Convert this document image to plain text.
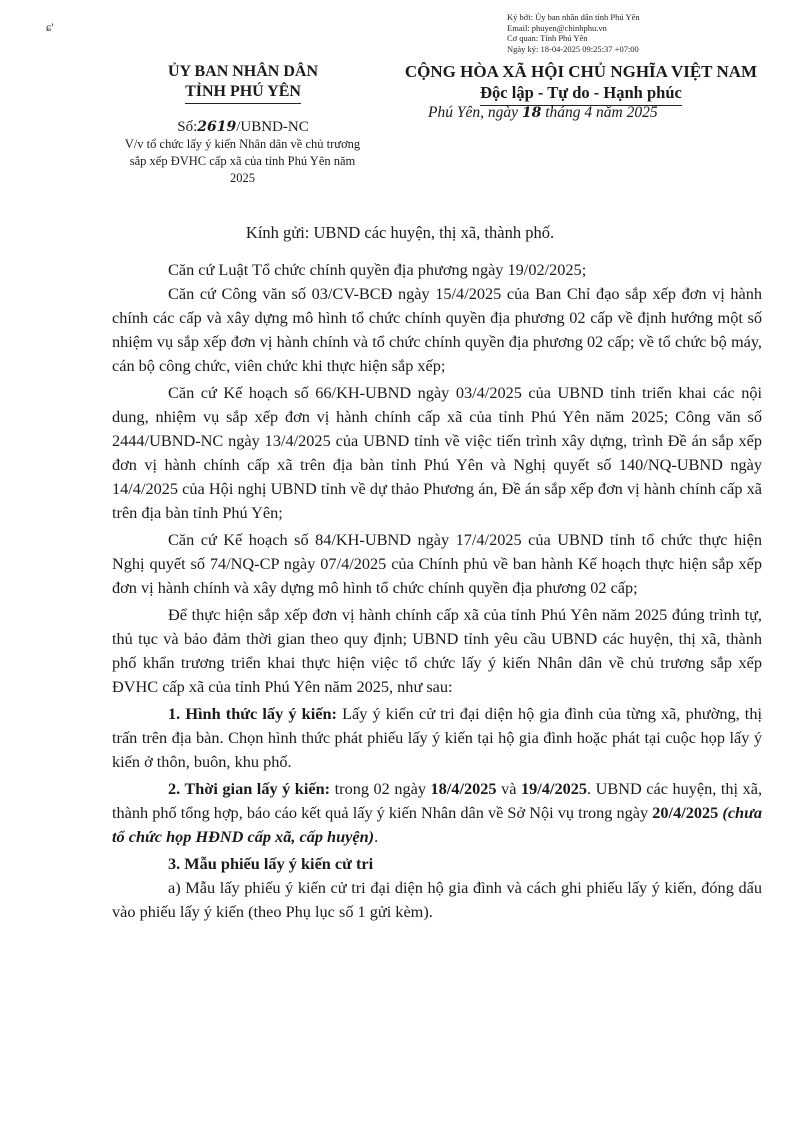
Ký bởi: Ủy ban nhân dân tỉnh Phú Yên
Email: phuyen@chinhphu.vn
Cơ quan: Tỉnh Phú Yên
Ngày ký: 18-04-2025 09:25:37 +07:00
ɕ'
ỦY BAN NHÂN DÂN
TỈNH PHÚ YÊN
Số:2619/UBND-NC
V/v tổ chức lấy ý kiến Nhân dân về chủ trương sắp xếp ĐVHC cấp xã của tỉnh Phú Yên năm 2025
CỘNG HÒA XÃ HỘI CHỦ NGHĨA VIỆT NAM
Độc lập - Tự do - Hạnh phúc
Phú Yên, ngày 18 tháng 4 năm 2025
Kính gửi: UBND các huyện, thị xã, thành phố.

Căn cứ Luật Tổ chức chính quyền địa phương ngày 19/02/2025;

Căn cứ Công văn số 03/CV-BCĐ ngày 15/4/2025 của Ban Chỉ đạo sắp xếp đơn vị hành chính các cấp và xây dựng mô hình tổ chức chính quyền địa phương 02 cấp về định hướng một số nhiệm vụ sắp xếp đơn vị hành chính và tổ chức chính quyền địa phương 02 cấp; về tổ chức bộ máy, cán bộ công chức, viên chức khi thực hiện sắp xếp;

Căn cứ Kế hoạch số 66/KH-UBND ngày 03/4/2025 của UBND tỉnh triển khai các nội dung, nhiệm vụ sắp xếp đơn vị hành chính cấp xã của tỉnh Phú Yên năm 2025; Công văn số 2444/UBND-NC ngày 13/4/2025 của UBND tỉnh về việc tiến trình xây dựng, trình Đề án sắp xếp đơn vị hành chính cấp xã trên địa bàn tỉnh Phú Yên và Nghị quyết số 140/NQ-UBND ngày 14/4/2025 của Hội nghị UBND tỉnh về dự thảo Phương án, Đề án sắp xếp đơn vị hành chính cấp xã trên địa bàn tỉnh Phú Yên;

Căn cứ Kế hoạch số 84/KH-UBND ngày 17/4/2025 của UBND tỉnh tổ chức thực hiện Nghị quyết số 74/NQ-CP ngày 07/4/2025 của Chính phủ về ban hành Kế hoạch thực hiện sắp xếp đơn vị hành chính và xây dựng mô hình tổ chức chính quyền địa phương 02 cấp;

Để thực hiện sắp xếp đơn vị hành chính cấp xã của tỉnh Phú Yên năm 2025 đúng trình tự, thủ tục và bảo đảm thời gian theo quy định; UBND tỉnh yêu cầu UBND các huyện, thị xã, thành phố khẩn trương triển khai thực hiện việc tổ chức lấy ý kiến Nhân dân về chủ trương sắp xếp ĐVHC cấp xã của tỉnh Phú Yên năm 2025, như sau:

1. Hình thức lấy ý kiến: Lấy ý kiến cử tri đại diện hộ gia đình của từng xã, phường, thị trấn trên địa bàn. Chọn hình thức phát phiếu lấy ý kiến tại hộ gia đình hoặc phát tại cuộc họp lấy ý kiến ở thôn, buôn, khu phố.

2. Thời gian lấy ý kiến: trong 02 ngày 18/4/2025 và 19/4/2025. UBND các huyện, thị xã, thành phố tổng hợp, báo cáo kết quả lấy ý kiến Nhân dân về Sở Nội vụ trong ngày 20/4/2025 (chưa tổ chức họp HĐND cấp xã, cấp huyện).

3. Mẫu phiếu lấy ý kiến cử tri

a) Mẫu lấy phiếu ý kiến cử tri đại diện hộ gia đình và cách ghi phiếu lấy ý kiến, đóng dấu vào phiếu lấy ý kiến (theo Phụ lục số 1 gửi kèm).
